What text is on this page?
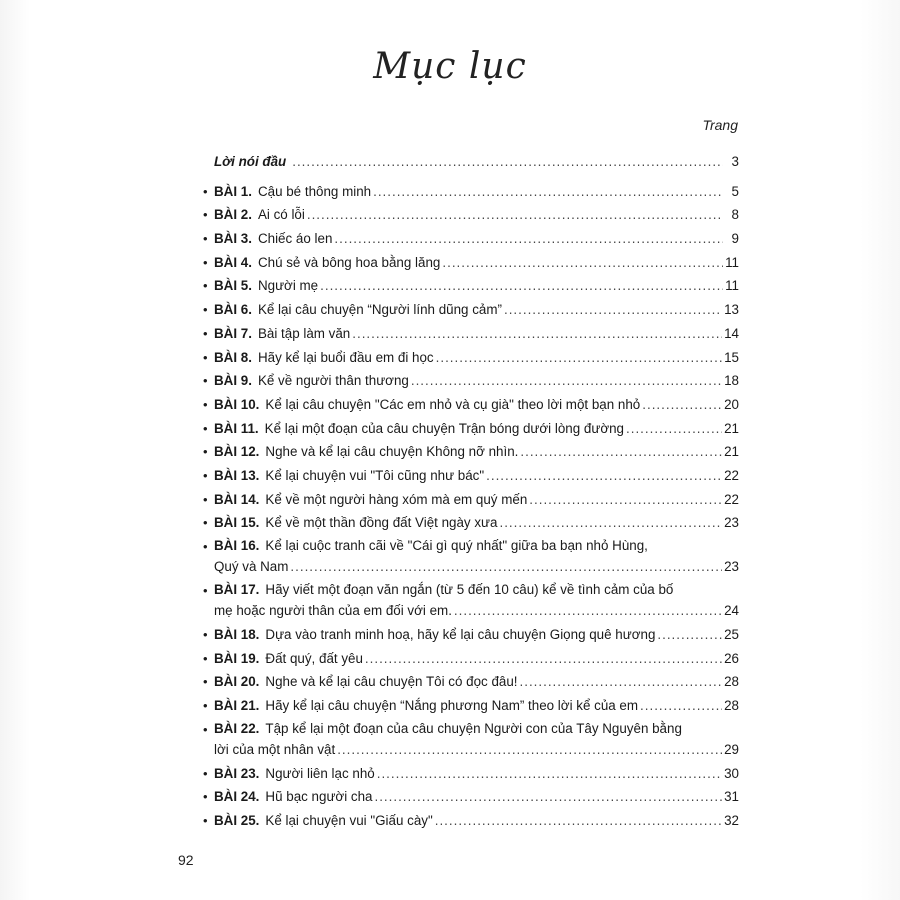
Mục lục
Trang
Lời nói đầu .....	3
• BÀI 1. Cậu bé thông minh .....	5
• BÀI 2. Ai có lỗi .....	8
• BÀI 3. Chiếc áo len .....	9
• BÀI 4. Chú sẻ và bông hoa bằng lăng .....	11
• BÀI 5. Người mẹ .....	11
• BÀI 6. Kể lại câu chuyện “Người lính dũng cảm” .....	13
• BÀI 7. Bài tập làm văn .....	14
• BÀI 8. Hãy kể lại buổi đầu em đi học .....	15
• BÀI 9. Kể về người thân thương .....	18
• BÀI 10. Kể lại câu chuyện "Các em nhỏ và cụ già" theo lời một bạn nhỏ .....	20
• BÀI 11. Kể lại một đoạn của câu chuyện Trận bóng dưới lòng đường .....	21
• BÀI 12. Nghe và kể lại câu chuyện Không nỡ nhìn. .....	21
• BÀI 13. Kể lại chuyện vui "Tôi cũng như bác" .....	22
• BÀI 14. Kể về một người hàng xóm mà em quý mến .....	22
• BÀI 15. Kể về một thần đồng đất Việt ngày xưa .....	23
• BÀI 16. Kể lại cuộc tranh cãi về "Cái gì quý nhất" giữa ba bạn nhỏ Hùng,
Quý và Nam .....	23
• BÀI 17. Hãy viết một đoạn văn ngắn (từ 5 đến 10 câu) kể về tình cảm của bố
mẹ hoặc người thân của em đối với em. .....	24
• BÀI 18. Dựa vào tranh minh hoạ, hãy kể lại câu chuyện Giọng quê hương .....	25
• BÀI 19. Đất quý, đất yêu .....	26
• BÀI 20. Nghe và kể lại câu chuyện Tôi có đọc đâu! .....	28
• BÀI 21. Hãy kể lại câu chuyện “Nắng phương Nam” theo lời kể của em .....	28
• BÀI 22. Tập kể lại một đoạn của câu chuyện Người con của Tây Nguyên bằng
lời của một nhân vật .....	29
• BÀI 23. Người liên lạc nhỏ .....	30
• BÀI 24. Hũ bạc người cha .....	31
• BÀI 25. Kể lại chuyện vui "Giấu cày" .....	32
92
